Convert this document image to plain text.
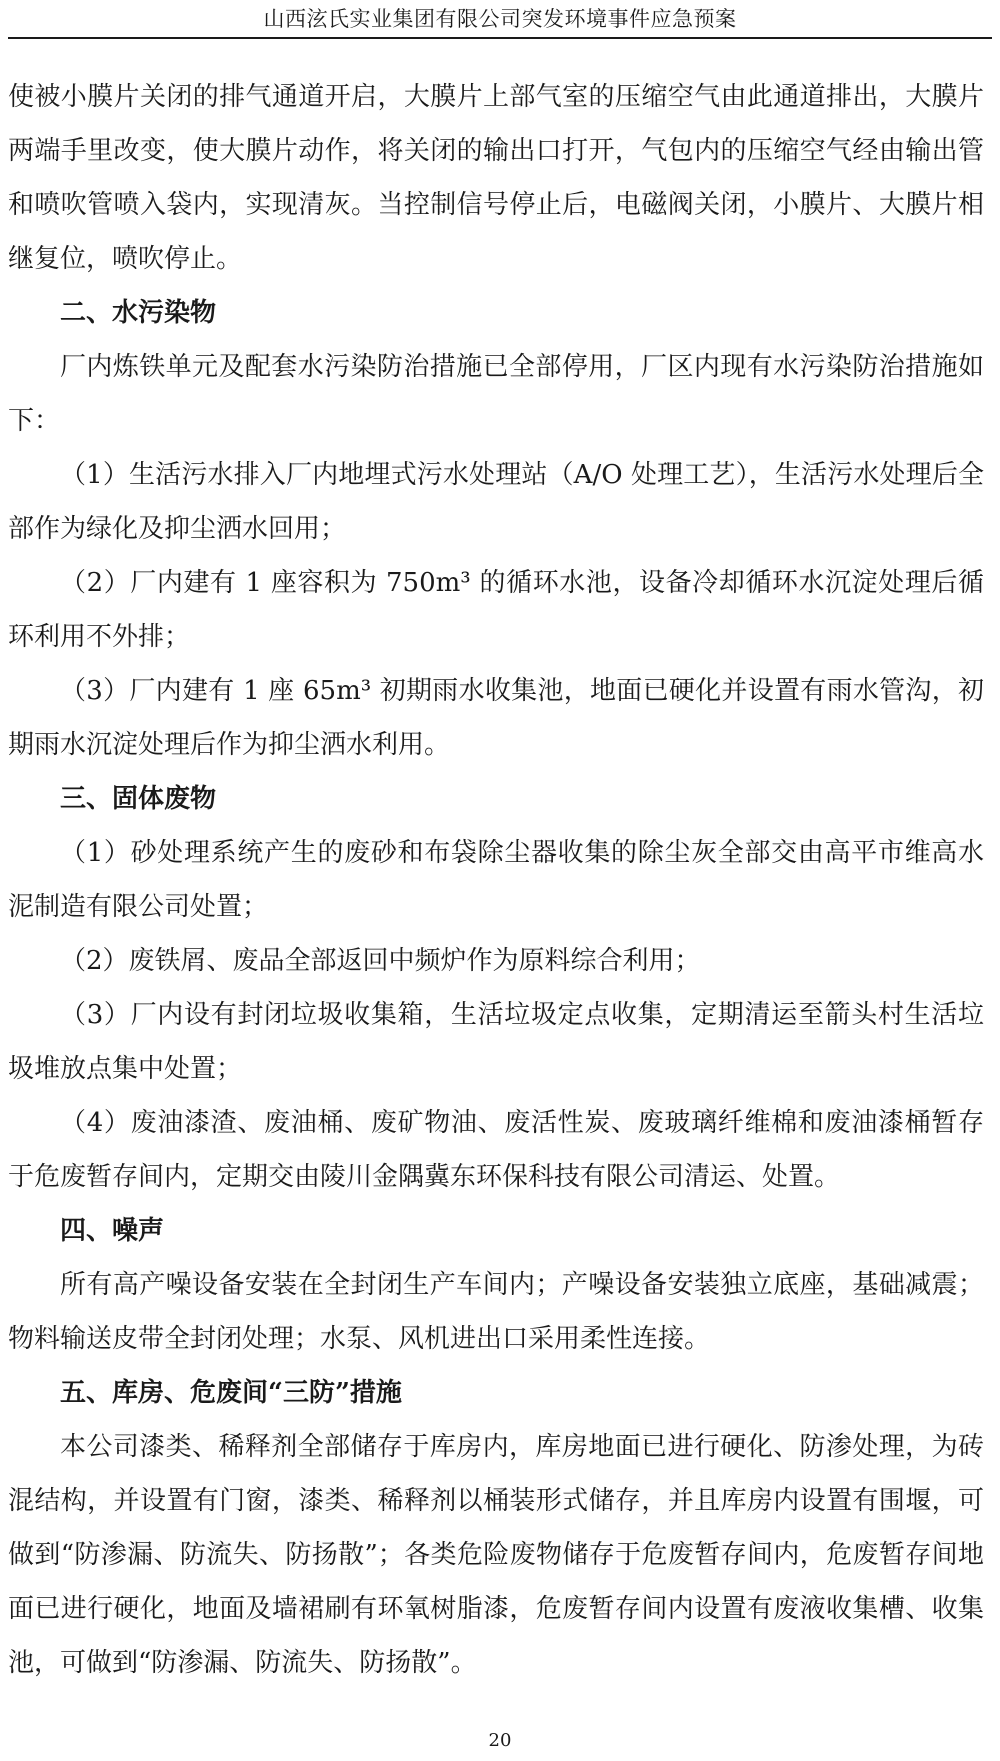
山西泫氏实业集团有限公司突发环境事件应急预案

使被小膜片关闭的排气通道开启，大膜片上部气室的压缩空气由此通道排出，大膜片两端手里改变，使大膜片动作，将关闭的输出口打开，气包内的压缩空气经由输出管和喷吹管喷入袋内，实现清灰。当控制信号停止后，电磁阀关闭，小膜片、大膜片相继复位，喷吹停止。

二、水污染物

厂内炼铁单元及配套水污染防治措施已全部停用，厂区内现有水污染防治措施如下：

（1）生活污水排入厂内地埋式污水处理站（A/O 处理工艺），生活污水处理后全部作为绿化及抑尘洒水回用；

（2）厂内建有 1 座容积为 750m³ 的循环水池，设备冷却循环水沉淀处理后循环利用不外排；

（3）厂内建有 1 座 65m³ 初期雨水收集池，地面已硬化并设置有雨水管沟，初期雨水沉淀处理后作为抑尘洒水利用。

三、固体废物

（1）砂处理系统产生的废砂和布袋除尘器收集的除尘灰全部交由高平市维高水泥制造有限公司处置；

（2）废铁屑、废品全部返回中频炉作为原料综合利用；

（3）厂内设有封闭垃圾收集箱，生活垃圾定点收集，定期清运至箭头村生活垃圾堆放点集中处置；

（4）废油漆渣、废油桶、废矿物油、废活性炭、废玻璃纤维棉和废油漆桶暂存于危废暂存间内，定期交由陵川金隅冀东环保科技有限公司清运、处置。

四、噪声

所有高产噪设备安装在全封闭生产车间内；产噪设备安装独立底座，基础减震；物料输送皮带全封闭处理；水泵、风机进出口采用柔性连接。

五、库房、危废间“三防”措施

本公司漆类、稀释剂全部储存于库房内，库房地面已进行硬化、防渗处理，为砖混结构，并设置有门窗，漆类、稀释剂以桶装形式储存，并且库房内设置有围堰，可做到“防渗漏、防流失、防扬散”；各类危险废物储存于危废暂存间内，危废暂存间地面已进行硬化，地面及墙裙刷有环氧树脂漆，危废暂存间内设置有废液收集槽、收集池，可做到“防渗漏、防流失、防扬散”。

20
